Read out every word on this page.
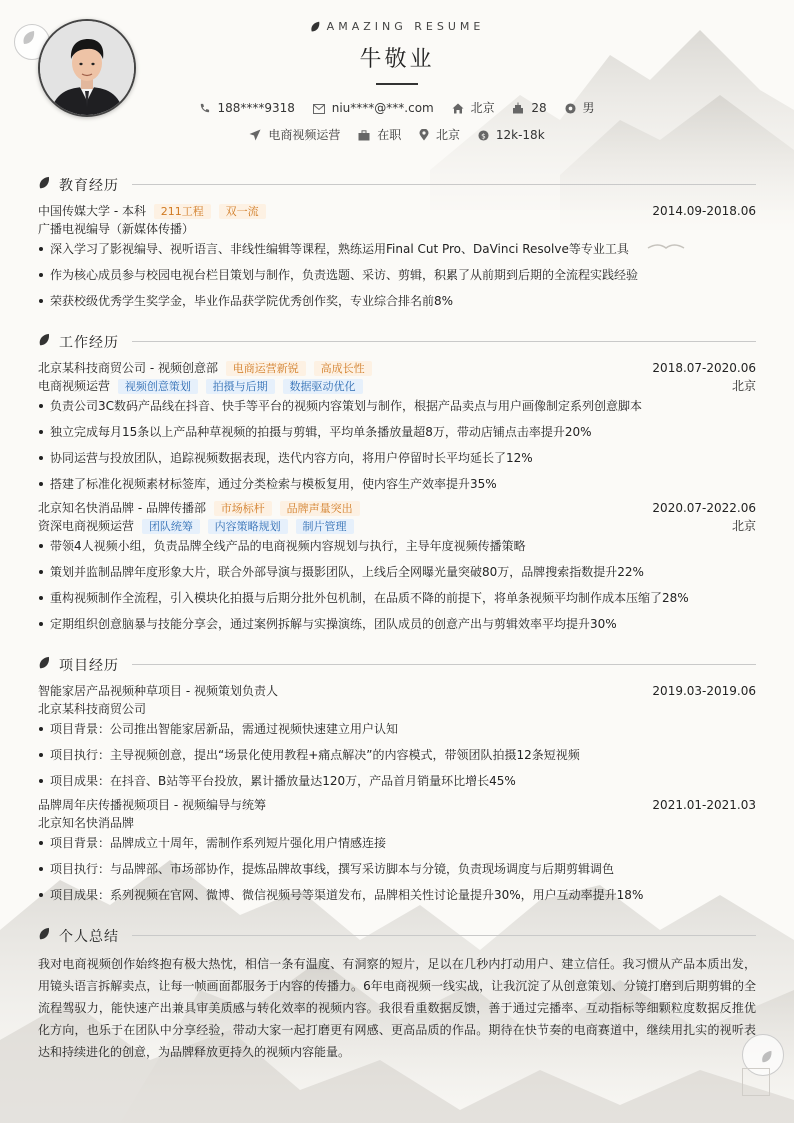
AMAZING RESUME
牛敬业
188****9318	niu****@***.com	北京	28	男
电商视频运营	在职	北京	$ 12k-18k
教育经历
中国传媒大学 - 本科 211工程 双一流	2014.09-2018.06
广播电视编导（新媒体传播）
深入学习了影视编导、视听语言、非线性编辑等课程，熟练运用Final Cut Pro、DaVinci Resolve等专业工具
作为核心成员参与校园电视台栏目策划与制作，负责选题、采访、剪辑，积累了从前期到后期的全流程实践经验
荣获校级优秀学生奖学金，毕业作品获学院优秀创作奖，专业综合排名前8%
工作经历
北京某科技商贸公司 - 视频创意部 电商运营新锐 高成长性	2018.07-2020.06
电商视频运营 视频创意策划 拍摄与后期 数据驱动优化	北京
负责公司3C数码产品线在抖音、快手等平台的视频内容策划与制作，根据产品卖点与用户画像制定系列创意脚本
独立完成每月15条以上产品种草视频的拍摄与剪辑，平均单条播放量超8万，带动店铺点击率提升20%
协同运营与投放团队，追踪视频数据表现，迭代内容方向，将用户停留时长平均延长了12%
搭建了标准化视频素材标签库，通过分类检索与模板复用，使内容生产效率提升35%
北京知名快消品牌 - 品牌传播部 市场标杆 品牌声量突出	2020.07-2022.06
资深电商视频运营 团队统筹 内容策略规划 制片管理	北京
带领4人视频小组，负责品牌全线产品的电商视频内容规划与执行，主导年度视频传播策略
策划并监制品牌年度形象大片，联合外部导演与摄影团队，上线后全网曝光量突破80万，品牌搜索指数提升22%
重构视频制作全流程，引入模块化拍摄与后期分批外包机制，在品质不降的前提下，将单条视频平均制作成本压缩了28%
定期组织创意脑暴与技能分享会，通过案例拆解与实操演练，团队成员的创意产出与剪辑效率平均提升30%
项目经历
智能家居产品视频种草项目 - 视频策划负责人	2019.03-2019.06
北京某科技商贸公司
项目背景：公司推出智能家居新品，需通过视频快速建立用户认知
项目执行：主导视频创意，提出“场景化使用教程+痛点解决”的内容模式，带领团队拍摄12条短视频
项目成果：在抖音、B站等平台投放，累计播放量达120万，产品首月销量环比增长45%
品牌周年庆传播视频项目 - 视频编导与统筹	2021.01-2021.03
北京知名快消品牌
项目背景：品牌成立十周年，需制作系列短片强化用户情感连接
项目执行：与品牌部、市场部协作，提炼品牌故事线，撰写采访脚本与分镜，负责现场调度与后期剪辑调色
项目成果：系列视频在官网、微博、微信视频号等渠道发布，品牌相关性讨论量提升30%，用户互动率提升18%
个人总结
我对电商视频创作始终抱有极大热忱，相信一条有温度、有洞察的短片，足以在几秒内打动用户、建立信任。我习惯从产品本质出发，用镜头语言拆解卖点，让每一帧画面都服务于内容的传播力。6年电商视频一线实战，让我沉淀了从创意策划、分镜打磨到后期剪辑的全流程驾驭力，能快速产出兼具审美质感与转化效率的视频内容。我很看重数据反馈，善于通过完播率、互动指标等细颗粒度数据反推优化方向，也乐于在团队中分享经验，带动大家一起打磨更有网感、更高品质的作品。期待在快节奏的电商赛道中，继续用扎实的视听表达和持续进化的创意，为品牌释放更持久的视频内容能量。
